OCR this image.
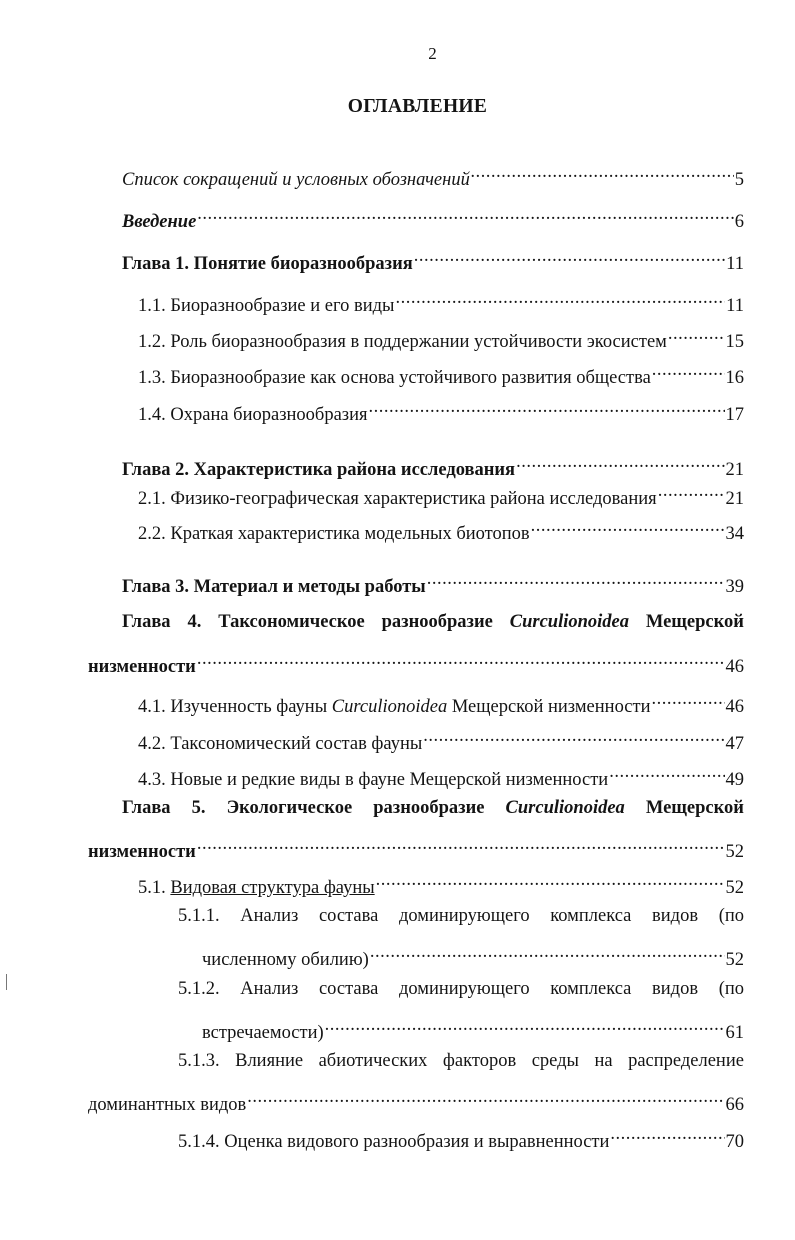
2
ОГЛАВЛЕНИЕ
Список сокращений и условных обозначений .....	5
Введение .....	6
Глава 1. Понятие биоразнообразия .....	11
1.1. Биоразнообразие и его виды .....	11
1.2. Роль биоразнообразия в поддержании устойчивости экосистем .....	15
1.3. Биоразнообразие как основа устойчивого развития общества .....	16
1.4. Охрана биоразнообразия .....	17
Глава 2. Характеристика района исследования .....	21
2.1. Физико-географическая характеристика района исследования .....	21
2.2. Краткая характеристика модельных биотопов .....	34
Глава 3. Материал и методы работы .....	39
Глава 4. Таксономическое разнообразие Curculionoidea Мещерской
низменности .....	46
4.1. Изученность фауны Curculionoidea Мещерской низменности .....	46
4.2. Таксономический состав фауны .....	47
4.3. Новые и редкие виды в фауне Мещерской низменности .....	49
Глава 5. Экологическое разнообразие Curculionoidea Мещерской
низменности .....	52
5.1. Видовая структура фауны .....	52
5.1.1. Анализ состава доминирующего комплекса видов (по
численному обилию) .....	52
5.1.2. Анализ состава доминирующего комплекса видов (по
встречаемости) .....	61
5.1.3. Влияние абиотических факторов среды на распределение
доминантных видов .....	66
5.1.4. Оценка видового разнообразия и выравненности .....	70
